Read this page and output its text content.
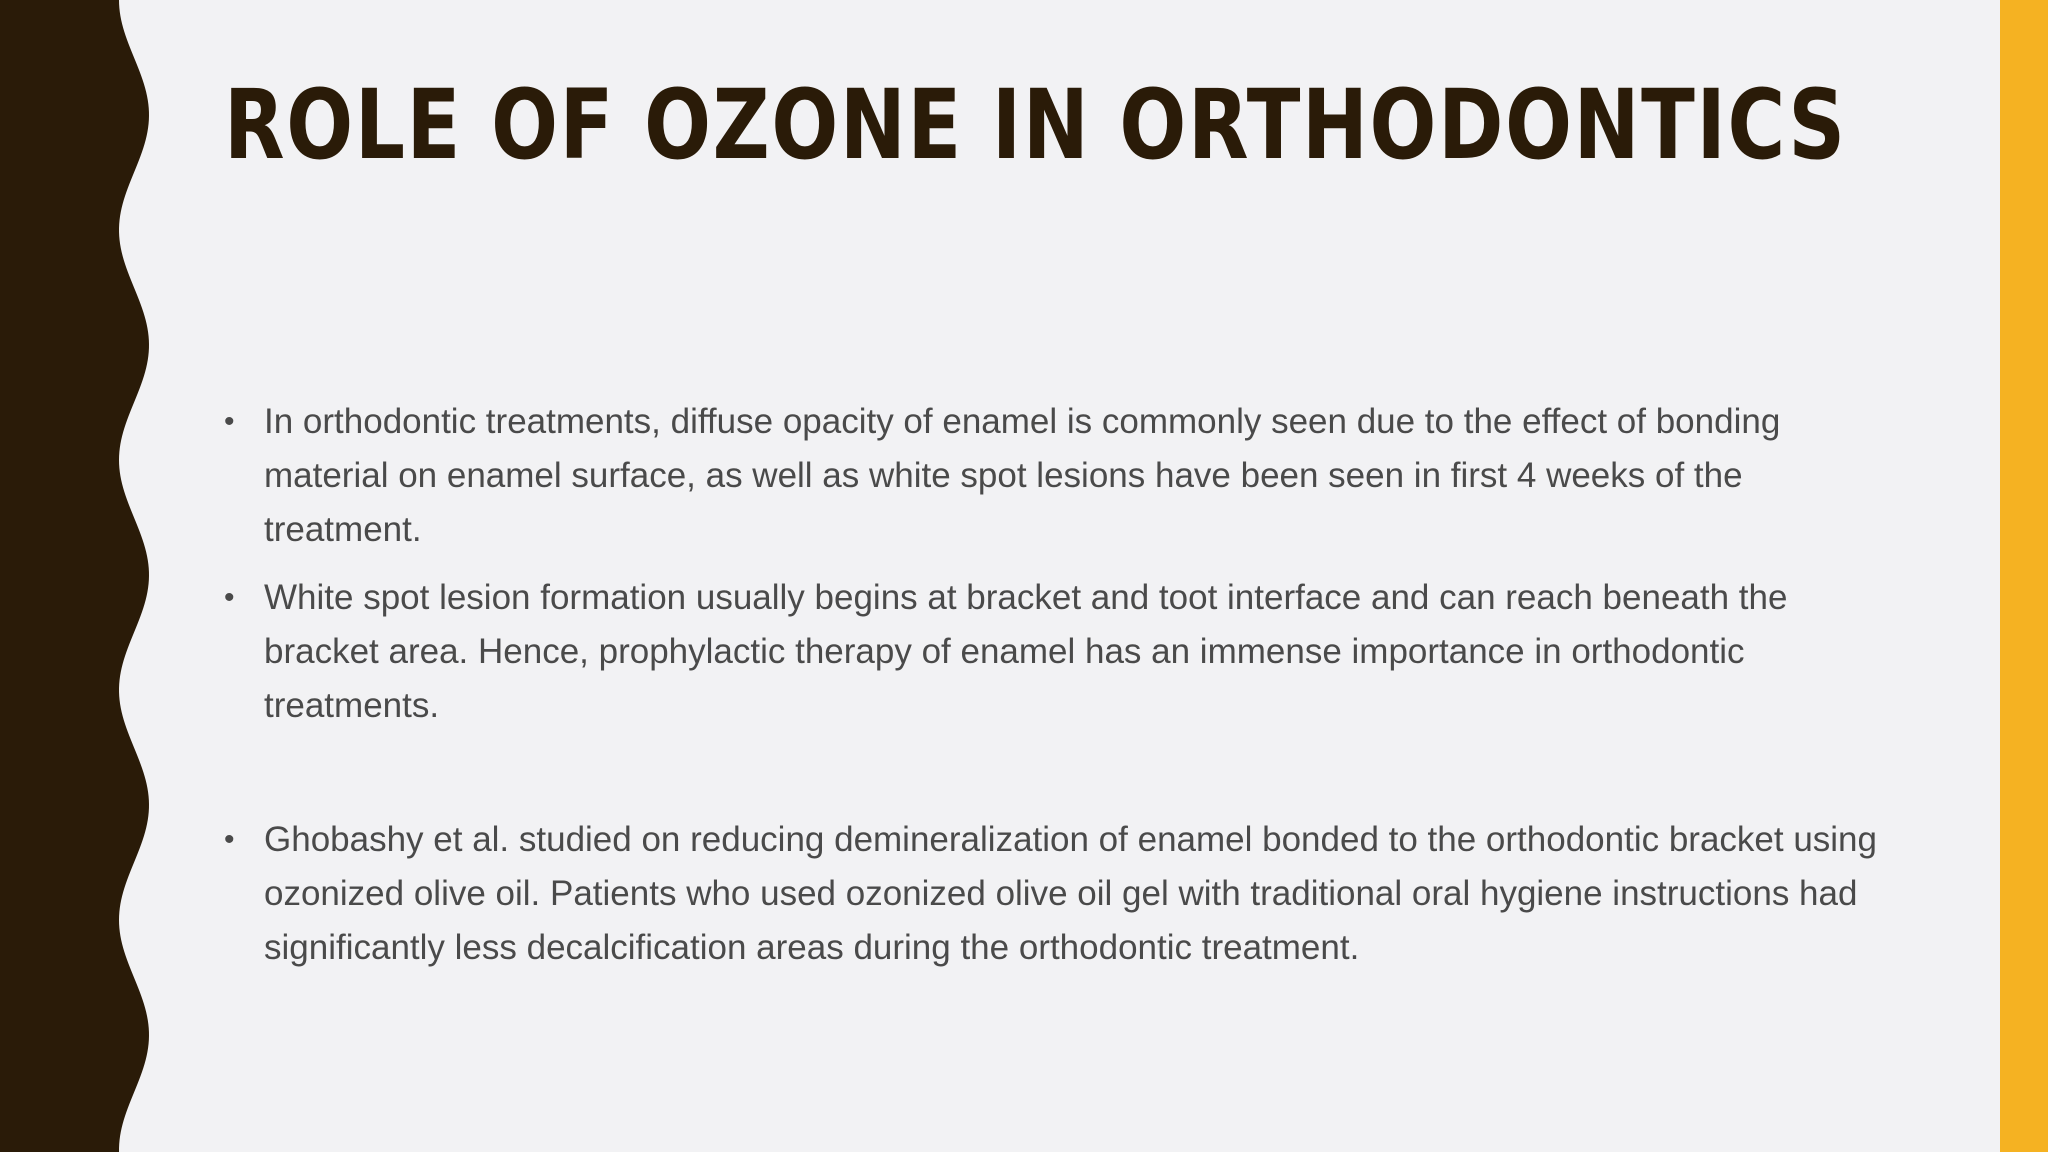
ROLE OF OZONE IN ORTHODONTICS
• In orthodontic treatments, diffuse opacity of enamel is commonly seen due to the effect of bonding material on enamel surface, as well as white spot lesions have been seen in first 4 weeks of the treatment.
• White spot lesion formation usually begins at bracket and toot interface and can reach beneath the bracket area. Hence, prophylactic therapy of enamel has an immense importance in orthodontic treatments.
• Ghobashy et al. studied on reducing demineralization of enamel bonded to the orthodontic bracket using ozonized olive oil. Patients who used ozonized olive oil gel with traditional oral hygiene instructions had significantly less decalcification areas during the orthodontic treatment.
